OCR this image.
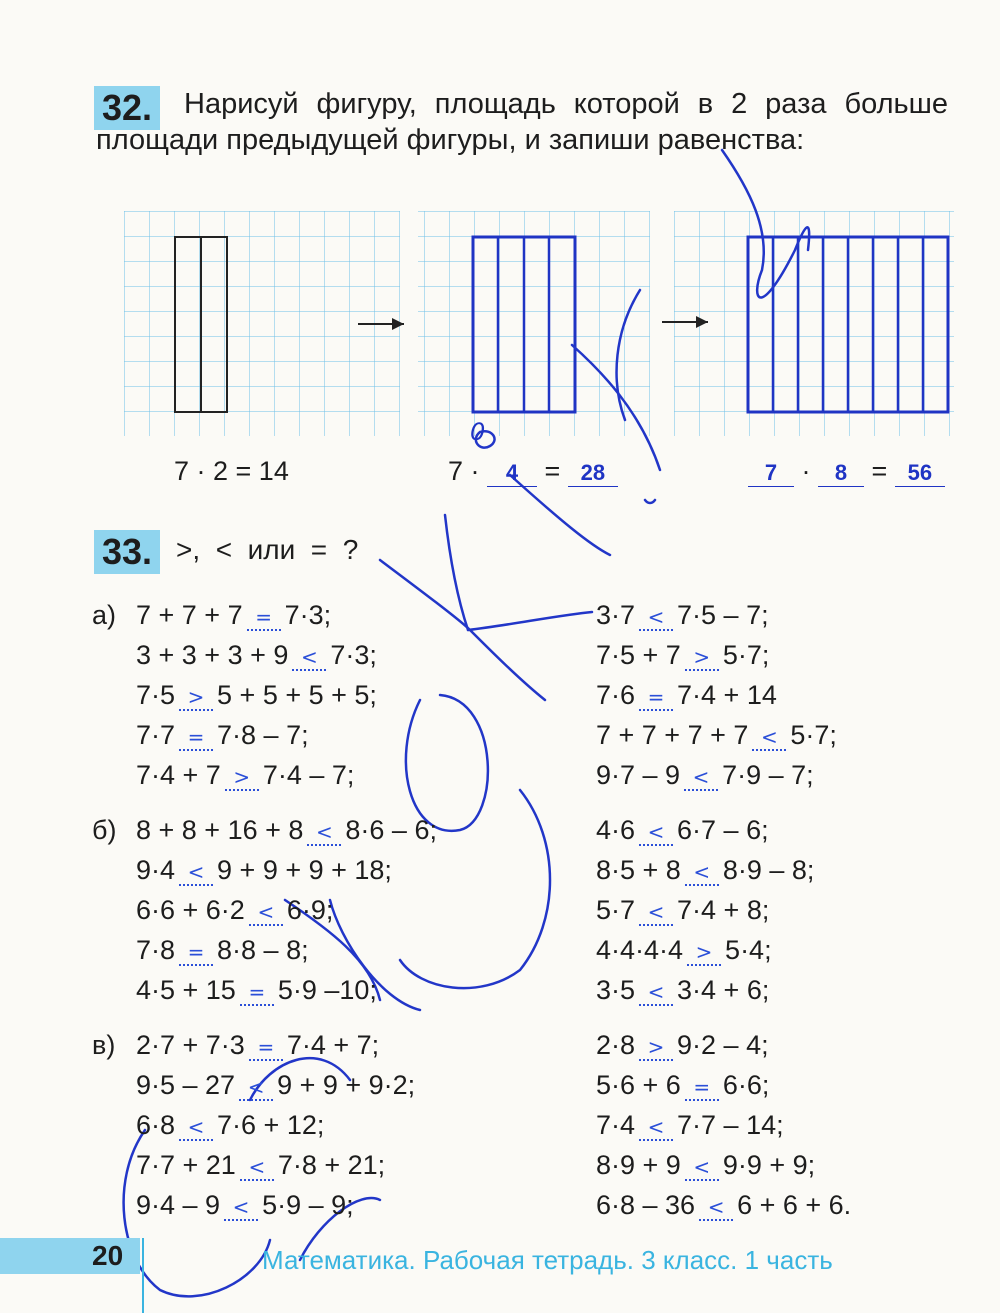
32.	Нарисуй фигуру, площадь которой в 2 раза больше площади предыдущей фигуры, и запиши равенства:
7 · 2 = 14	7 · 4 = 28	7 · 8 = 56
0
33. >,  <  или  =  ?
а) 7 + 7 + 7 = 7·3;
3 + 3 + 3 + 9 < 7·3;
7·5 > 5 + 5 + 5 + 5;
7·7 = 7·8 – 7;
7·4 + 7 > 7·4 – 7;
3·7 < 7·5 – 7;
7·5 + 7 > 5·7;
7·6 = 7·4 + 14
7 + 7 + 7 + 7 < 5·7;
9·7 – 9 < 7·9 – 7;
б) 8 + 8 + 16 + 8 < 8·6 – 6;
9·4 < 9 + 9 + 9 + 18;
6·6 + 6·2 < 6·9;
7·8 = 8·8 – 8;
4·5 + 15 = 5·9 –10;
4·6 < 6·7 – 6;
8·5 + 8 < 8·9 – 8;
5·7 < 7·4 + 8;
4·4·4·4 > 5·4;
3·5 < 3·4 + 6;
в) 2·7 + 7·3 = 7·4 + 7;
9·5 – 27 < 9 + 9 + 9·2;
6·8 < 7·6 + 12;
7·7 + 21 < 7·8 + 21;
9·4 – 9 < 5·9 – 9;
2·8 > 9·2 – 4;
5·6 + 6 = 6·6;
7·4 < 7·7 – 14;
8·9 + 9 < 9·9 + 9;
6·8 – 36 < 6 + 6 + 6.
20	Математика. Рабочая тетрадь. 3 класс. 1 часть
